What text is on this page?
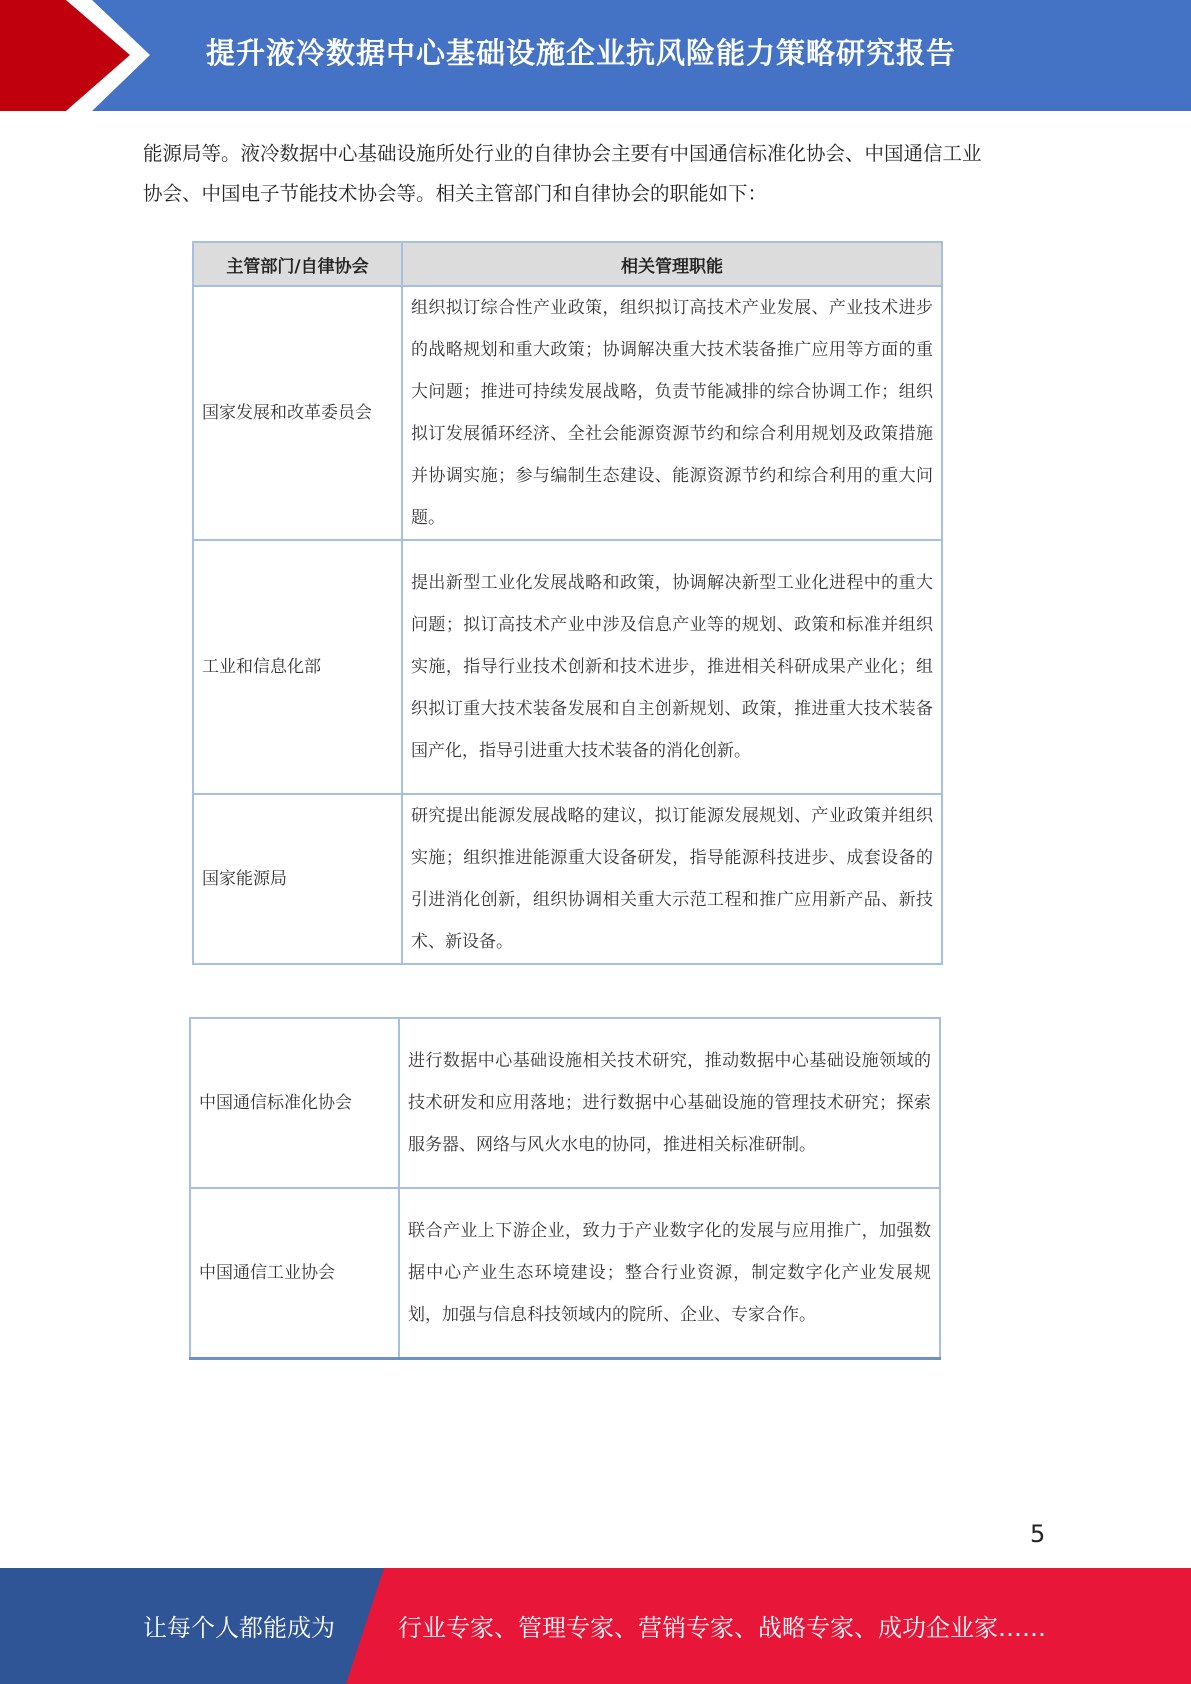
提升液冷数据中心基础设施企业抗风险能力策略研究报告

能源局等。液冷数据中心基础设施所处行业的自律协会主要有中国通信标准化协会、中国通信工业

协会、中国电子节能技术协会等。相关主管部门和自律协会的职能如下：

主管部门/自律协会	相关管理职能
国家发展和改革委员会	组织拟订综合性产业政策，组织拟订高技术产业发展、产业技术进步的战略规划和重大政策；协调解决重大技术装备推广应用等方面的重大问题；推进可持续发展战略，负责节能减排的综合协调工作；组织拟订发展循环经济、全社会能源资源节约和综合利用规划及政策措施并协调实施；参与编制生态建设、能源资源节约和综合利用的重大问题。
工业和信息化部	提出新型工业化发展战略和政策，协调解决新型工业化进程中的重大问题；拟订高技术产业中涉及信息产业等的规划、政策和标准并组织实施，指导行业技术创新和技术进步，推进相关科研成果产业化；组织拟订重大技术装备发展和自主创新规划、政策，推进重大技术装备国产化，指导引进重大技术装备的消化创新。
国家能源局	研究提出能源发展战略的建议，拟订能源发展规划、产业政策并组织实施；组织推进能源重大设备研发，指导能源科技进步、成套设备的引进消化创新，组织协调相关重大示范工程和推广应用新产品、新技术、新设备。
中国通信标准化协会	进行数据中心基础设施相关技术研究，推动数据中心基础设施领域的技术研发和应用落地；进行数据中心基础设施的管理技术研究；探索服务器、网络与风火水电的协同，推进相关标准研制。
中国通信工业协会	联合产业上下游企业，致力于产业数字化的发展与应用推广，加强数据中心产业生态环境建设；整合行业资源，制定数字化产业发展规划，加强与信息科技领域内的院所、企业、专家合作。
5
让每个人都能成为	行业专家、管理专家、营销专家、战略专家、成功企业家……
